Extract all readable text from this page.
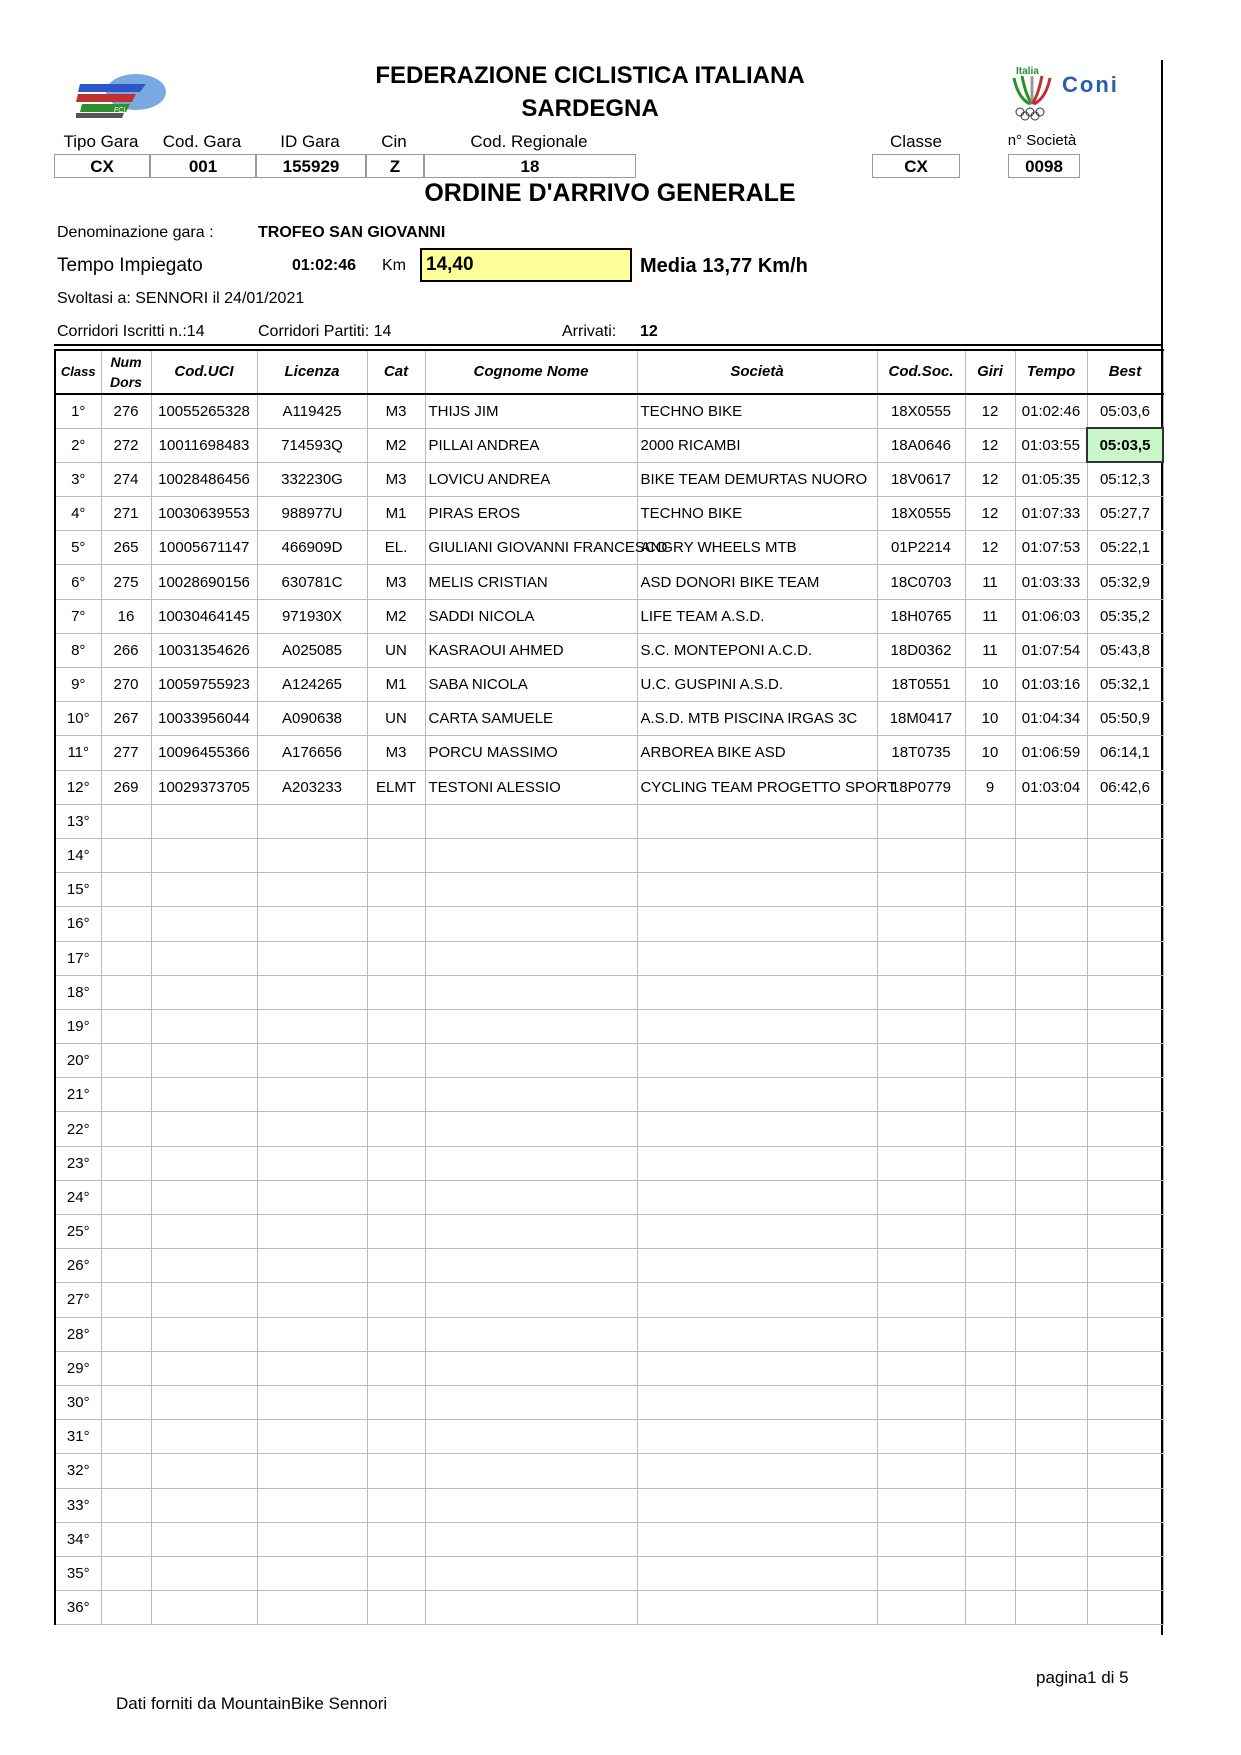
FCI
Italia
Coni
FEDERAZIONE CICLISTICA ITALIANA
SARDEGNA
Tipo Gara	Cod. Gara	ID Gara	Cin	Cod. Regionale	Classe	n° Società
CX	001	155929	Z	18	CX	0098
ORDINE D'ARRIVO GENERALE
Denominazione gara :	TROFEO SAN GIOVANNI
Tempo Impiegato	01:02:46 Km	14,40	Media 13,77 Km/h
Svoltasi a: SENNORI il 24/01/2021
Corridori Iscritti n.:14	Corridori Partiti: 14	Arrivati: 12
Class	Num Dors	Cod.UCI	Licenza	Cat	Cognome Nome	Società	Cod.Soc.	Giri	Tempo	Best
1°	276	10055265328	A119425	M3	THIJS JIM	TECHNO BIKE	18X0555	12	01:02:46	05:03,6
2°	272	10011698483	714593Q	M2	PILLAI ANDREA	2000 RICAMBI	18A0646	12	01:03:55	05:03,5
3°	274	10028486456	332230G	M3	LOVICU ANDREA	BIKE TEAM DEMURTAS NUORO	18V0617	12	01:05:35	05:12,3
4°	271	10030639553	988977U	M1	PIRAS EROS	TECHNO BIKE	18X0555	12	01:07:33	05:27,7
5°	265	10005671147	466909D	EL.	GIULIANI GIOVANNI FRANCESCO	ANGRY WHEELS MTB	01P2214	12	01:07:53	05:22,1
6°	275	10028690156	630781C	M3	MELIS CRISTIAN	ASD DONORI BIKE TEAM	18C0703	11	01:03:33	05:32,9
7°	16	10030464145	971930X	M2	SADDI NICOLA	LIFE TEAM A.S.D.	18H0765	11	01:06:03	05:35,2
8°	266	10031354626	A025085	UN	KASRAOUI AHMED	S.C. MONTEPONI A.C.D.	18D0362	11	01:07:54	05:43,8
9°	270	10059755923	A124265	M1	SABA NICOLA	U.C. GUSPINI A.S.D.	18T0551	10	01:03:16	05:32,1
10°	267	10033956044	A090638	UN	CARTA SAMUELE	A.S.D. MTB PISCINA IRGAS 3C	18M0417	10	01:04:34	05:50,9
11°	277	10096455366	A176656	M3	PORCU MASSIMO	ARBOREA BIKE ASD	18T0735	10	01:06:59	06:14,1
12°	269	10029373705	A203233	ELMT	TESTONI ALESSIO	CYCLING TEAM PROGETTO SPORT	18P0779	9	01:03:04	06:42,6
13°										
14°										
15°										
16°										
17°										
18°										
19°										
20°										
21°										
22°										
23°										
24°										
25°										
26°										
27°										
28°										
29°										
30°										
31°										
32°										
33°										
34°										
35°										
36°										
pagina1 di 5
Dati forniti da MountainBike Sennori
